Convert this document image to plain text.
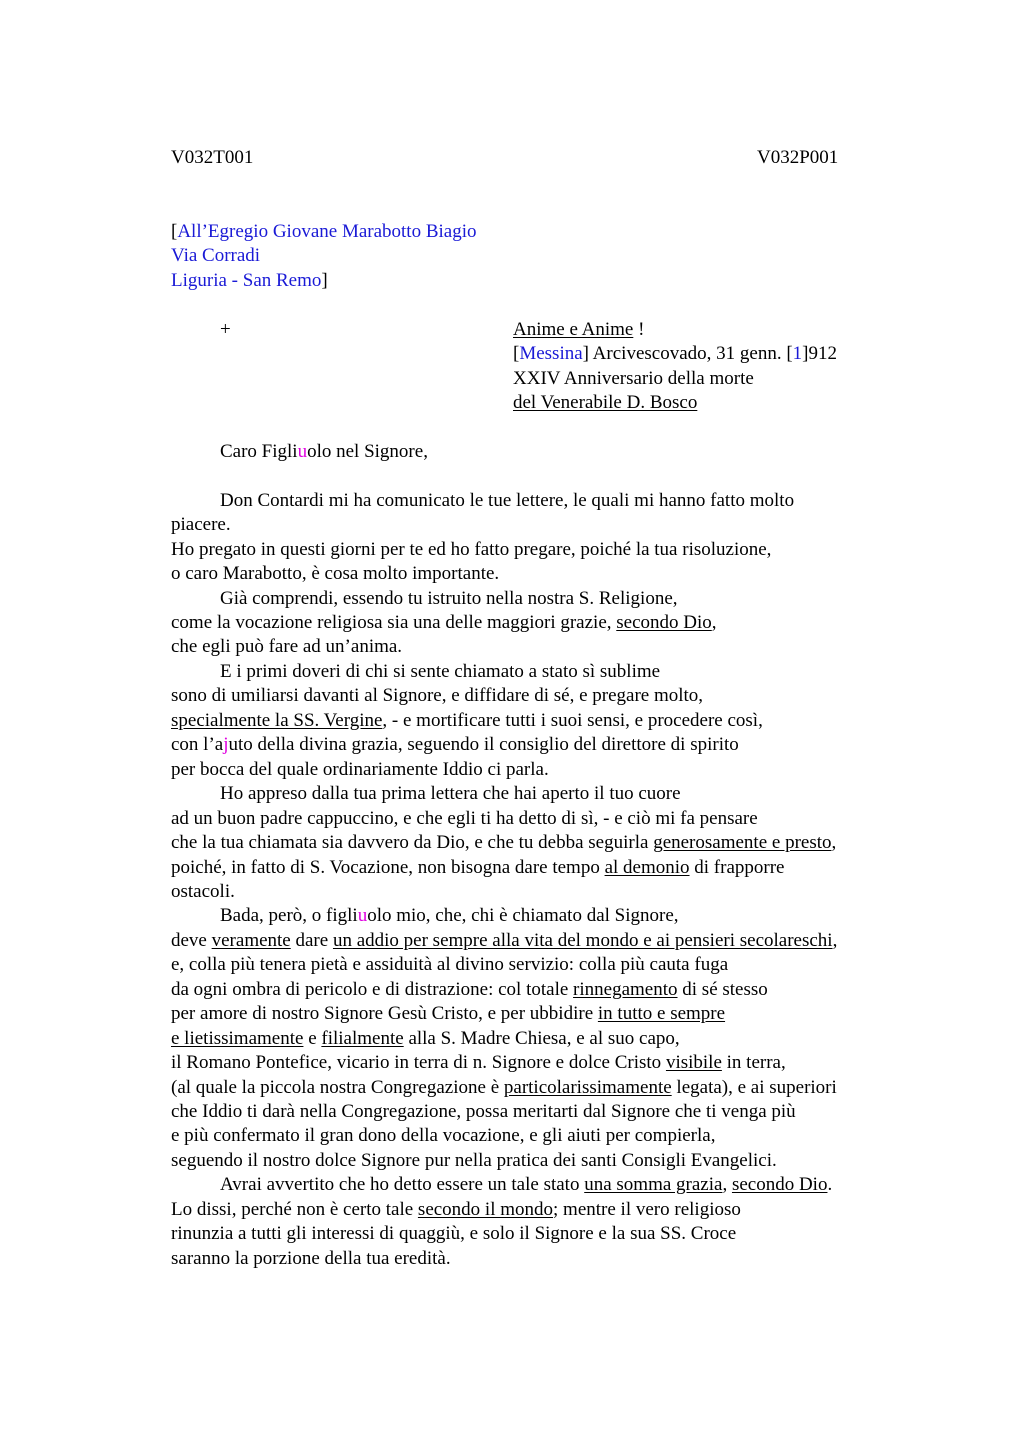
V032T001	V032P001
[All’Egregio Giovane Marabotto Biagio
Via Corradi
Liguria - San Remo]
+	Anime e Anime !
[Messina] Arcivescovado, 31 genn. [1]912
XXIV Anniversario della morte
del Venerabile D. Bosco
Caro Figliuolo nel Signore,
Don Contardi mi ha comunicato le tue lettere, le quali mi hanno fatto molto
piacere.
Ho pregato in questi giorni per te ed ho fatto pregare, poiché la tua risoluzione,
o caro Marabotto, è cosa molto importante.
Già comprendi, essendo tu istruito nella nostra S. Religione,
come la vocazione religiosa sia una delle maggiori grazie, secondo Dio,
che egli può fare ad un’anima.
E i primi doveri di chi si sente chiamato a stato sì sublime
sono di umiliarsi davanti al Signore, e diffidare di sé, e pregare molto,
specialmente la SS. Vergine, - e mortificare tutti i suoi sensi, e procedere così,
con l’ajuto della divina grazia, seguendo il consiglio del direttore di spirito
per bocca del quale ordinariamente Iddio ci parla.
Ho appreso dalla tua prima lettera che hai aperto il tuo cuore
ad un buon padre cappuccino, e che egli ti ha detto di sì, - e ciò mi fa pensare
che la tua chiamata sia davvero da Dio, e che tu debba seguirla generosamente e presto,
poiché, in fatto di S. Vocazione, non bisogna dare tempo al demonio di frapporre
ostacoli.
Bada, però, o figliuolo mio, che, chi è chiamato dal Signore,
deve veramente dare un addio per sempre alla vita del mondo e ai pensieri secolareschi,
e, colla più tenera pietà e assiduità al divino servizio: colla più cauta fuga
da ogni ombra di pericolo e di distrazione: col totale rinnegamento di sé stesso
per amore di nostro Signore Gesù Cristo, e per ubbidire in tutto e sempre
e lietissimamente e filialmente alla S. Madre Chiesa, e al suo capo,
il Romano Pontefice, vicario in terra di n. Signore e dolce Cristo visibile in terra,
(al quale la piccola nostra Congregazione è particolarissimamente legata), e ai superiori
che Iddio ti darà nella Congregazione, possa meritarti dal Signore che ti venga più
e più confermato il gran dono della vocazione, e gli aiuti per compierla,
seguendo il nostro dolce Signore pur nella pratica dei santi Consigli Evangelici.
Avrai avvertito che ho detto essere un tale stato una somma grazia, secondo Dio.
Lo dissi, perché non è certo tale secondo il mondo; mentre il vero religioso
rinunzia a tutti gli interessi di quaggiù, e solo il Signore e la sua SS. Croce
saranno la porzione della tua eredità.
